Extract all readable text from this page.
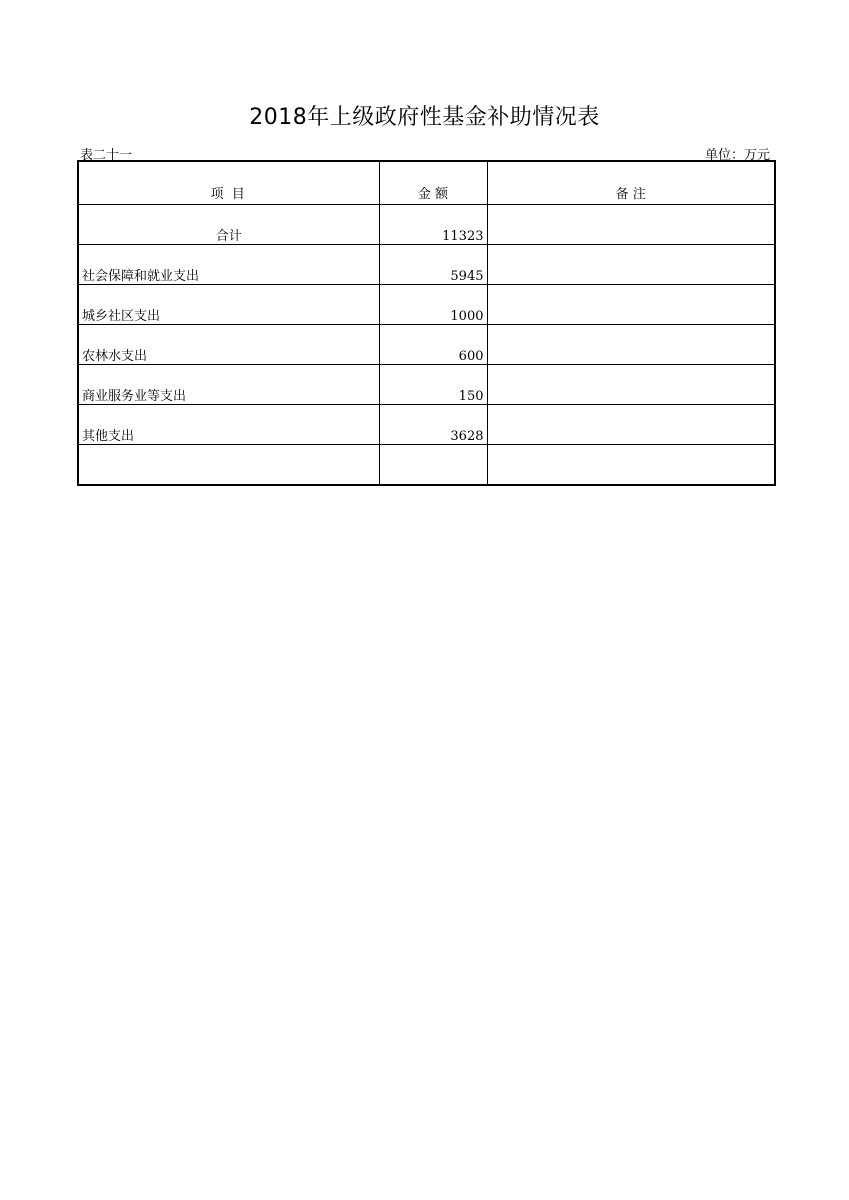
2018年上级政府性基金补助情况表
表二十一	单位：万元
项 目	金 额	备 注
合计	11323	
社会保障和就业支出	5945	
城乡社区支出	1000	
农林水支出	600	
商业服务业等支出	150	
其他支出	3628	
